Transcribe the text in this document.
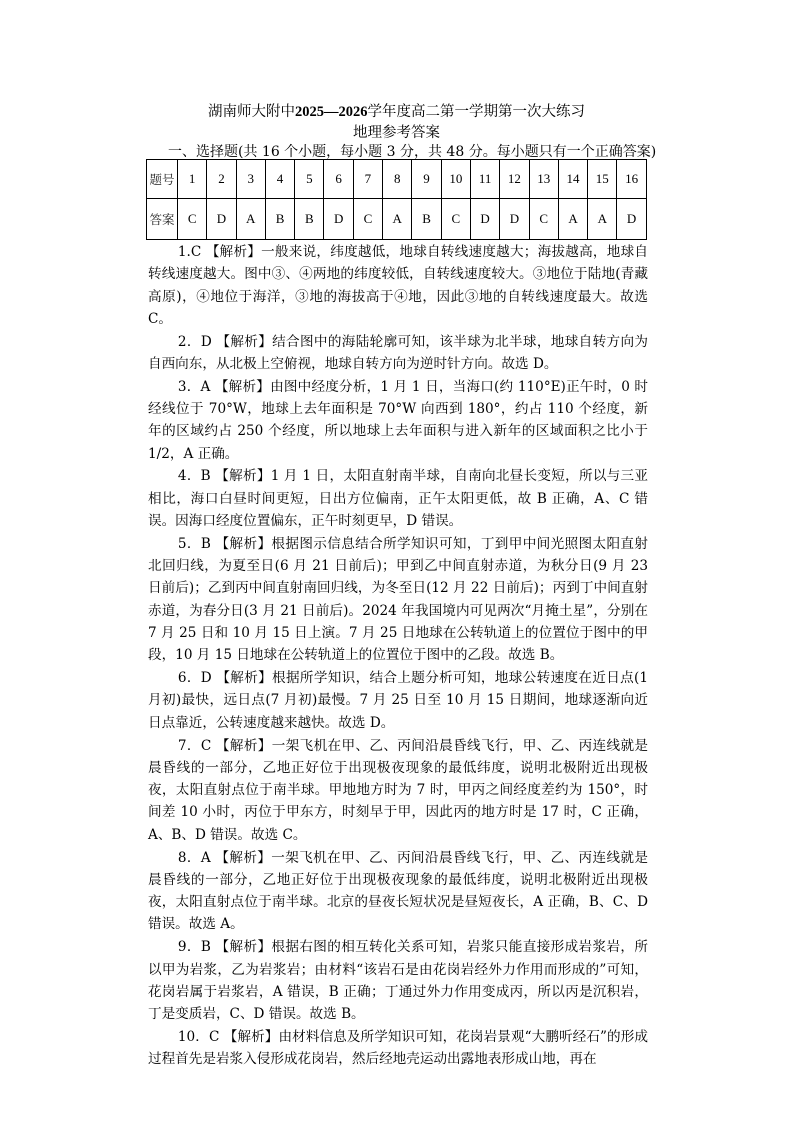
湖南师大附中2025—2026学年度高二第一学期第一次大练习
地理参考答案
一、选择题(共 16 个小题，每小题 3 分，共 48 分。每小题只有一个正确答案)
题号	1	2	3	4	5	6	7	8	9	10	11	12	13	14	15	16
答案	C	D	A	B	B	D	C	A	B	C	D	D	C	A	A	D

1.C 【解析】一般来说，纬度越低，地球自转线速度越大；海拔越高，地球自转线速度越大。图中③、④两地的纬度较低，自转线速度较大。③地位于陆地(青藏高原)，④地位于海洋，③地的海拔高于④地，因此③地的自转线速度最大。故选 C。

2．D 【解析】结合图中的海陆轮廓可知，该半球为北半球，地球自转方向为自西向东，从北极上空俯视，地球自转方向为逆时针方向。故选 D。

3．A 【解析】由图中经度分析，1 月 1 日，当海口(约 110°E)正午时，0 时经线位于 70°W，地球上去年面积是 70°W 向西到 180°，约占 110 个经度，新年的区域约占 250 个经度，所以地球上去年面积与进入新年的区域面积之比小于 1/2，A 正确。

4．B 【解析】1 月 1 日，太阳直射南半球，自南向北昼长变短，所以与三亚相比，海口白昼时间更短，日出方位偏南，正午太阳更低，故 B 正确，A、C 错误。因海口经度位置偏东，正午时刻更早，D 错误。

5．B 【解析】根据图示信息结合所学知识可知，丁到甲中间光照图太阳直射北回归线，为夏至日(6 月 21 日前后)；甲到乙中间直射赤道，为秋分日(9 月 23 日前后)；乙到丙中间直射南回归线，为冬至日(12 月 22 日前后)；丙到丁中间直射赤道，为春分日(3 月 21 日前后)。2024 年我国境内可见两次“月掩土星”，分别在 7 月 25 日和 10 月 15 日上演。7 月 25 日地球在公转轨道上的位置位于图中的甲段，10 月 15 日地球在公转轨道上的位置位于图中的乙段。故选 B。

6．D 【解析】根据所学知识，结合上题分析可知，地球公转速度在近日点(1 月初)最快，远日点(7 月初)最慢。7 月 25 日至 10 月 15 日期间，地球逐渐向近日点靠近，公转速度越来越快。故选 D。

7．C 【解析】一架飞机在甲、乙、丙间沿晨昏线飞行，甲、乙、丙连线就是晨昏线的一部分，乙地正好位于出现极夜现象的最低纬度，说明北极附近出现极夜，太阳直射点位于南半球。甲地地方时为 7 时，甲丙之间经度差约为 150°，时间差 10 小时，丙位于甲东方，时刻早于甲，因此丙的地方时是 17 时，C 正确，A、B、D 错误。故选 C。

8．A 【解析】一架飞机在甲、乙、丙间沿晨昏线飞行，甲、乙、丙连线就是晨昏线的一部分，乙地正好位于出现极夜现象的最低纬度，说明北极附近出现极夜，太阳直射点位于南半球。北京的昼夜长短状况是昼短夜长，A 正确，B、C、D 错误。故选 A。

9．B 【解析】根据右图的相互转化关系可知，岩浆只能直接形成岩浆岩，所以甲为岩浆，乙为岩浆岩；由材料“该岩石是由花岗岩经外力作用而形成的”可知，花岗岩属于岩浆岩，A 错误，B 正确；丁通过外力作用变成丙，所以丙是沉积岩，丁是变质岩，C、D 错误。故选 B。

10．C 【解析】由材料信息及所学知识可知，花岗岩景观“大鹏听经石”的形成过程首先是岩浆入侵形成花岗岩，然后经地壳运动出露地表形成山地，再在
